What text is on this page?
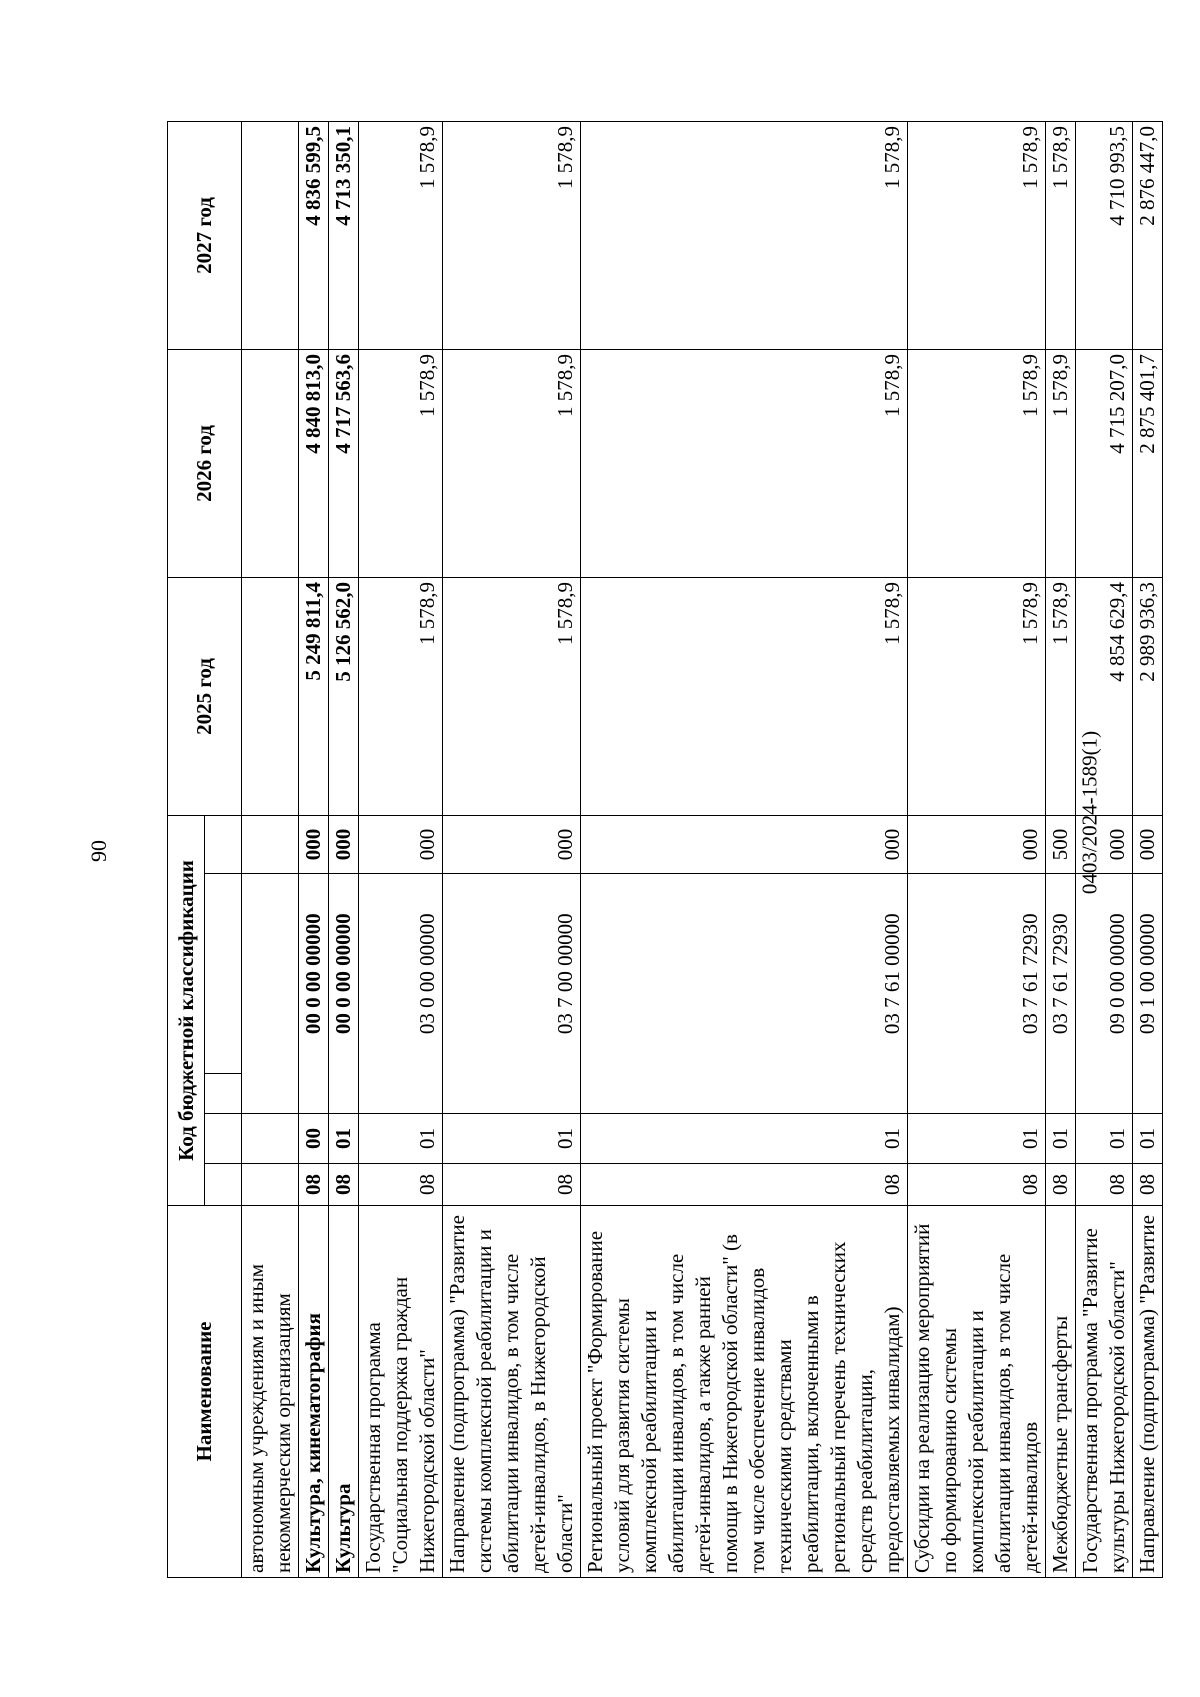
90	0403/2024-1589(1)
Наименование	Код бюджетной классификации					2025 год	2026 год	2027 год

автономным учреждениям и иным некоммерческим организациям								
Культура, кинематография	08	00		00 0 00 00000	000	5 249 811,4	4 840 813,0	4 836 599,5
Культура	08	01		00 0 00 00000	000	5 126 562,0	4 717 563,6	4 713 350,1
Государственная программа "Социальная поддержка граждан Нижегородской области"	08	01		03 0 00 00000	000	1 578,9	1 578,9	1 578,9
Направление (подпрограмма) "Развитие системы комплексной реабилитации и абилитации инвалидов, в том числе детей-инвалидов, в Нижегородской области"	08	01		03 7 00 00000	000	1 578,9	1 578,9	1 578,9
Региональный проект "Формирование условий для развития системы комплексной реабилитации и абилитации инвалидов, в том числе детей-инвалидов, а также ранней помощи в Нижегородской области" (в том числе обеспечение инвалидов техническими средствами реабилитации, включенными в региональный перечень технических средств реабилитации, предоставляемых инвалидам)	08	01		03 7 61 00000	000	1 578,9	1 578,9	1 578,9
Субсидии на реализацию мероприятий по формированию системы комплексной реабилитации и абилитации инвалидов, в том числе детей-инвалидов	08	01		03 7 61 72930	000	1 578,9	1 578,9	1 578,9
Межбюджетные трансферты	08	01		03 7 61 72930	500	1 578,9	1 578,9	1 578,9
Государственная программа "Развитие культуры Нижегородской области"	08	01		09 0 00 00000	000	4 854 629,4	4 715 207,0	4 710 993,5
Направление (подпрограмма) "Развитие	08	01		09 1 00 00000	000	2 989 936,3	2 875 401,7	2 876 447,0
